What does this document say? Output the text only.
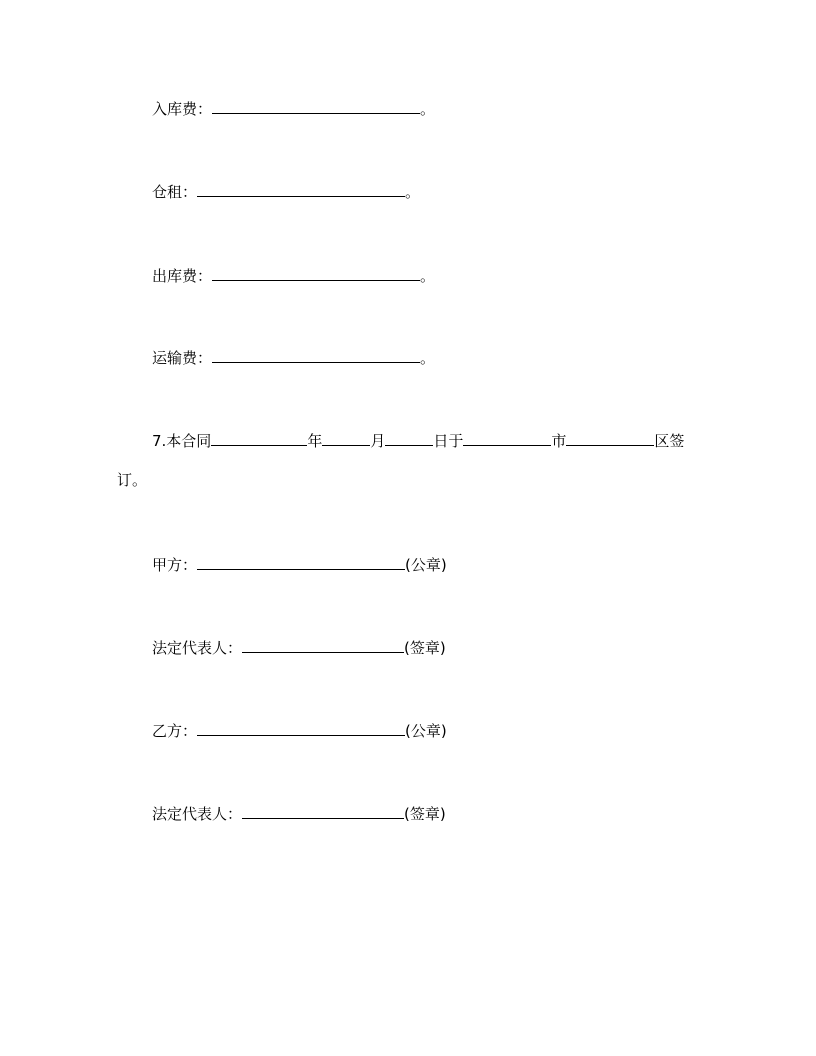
入库费：	。
仓租：	。
出库费：	。
运输费：	。
7.本合同	年	月	日于	市	区签
订。
甲方：	(公章)
法定代表人：	(签章)
乙方：	(公章)
法定代表人：	(签章)
